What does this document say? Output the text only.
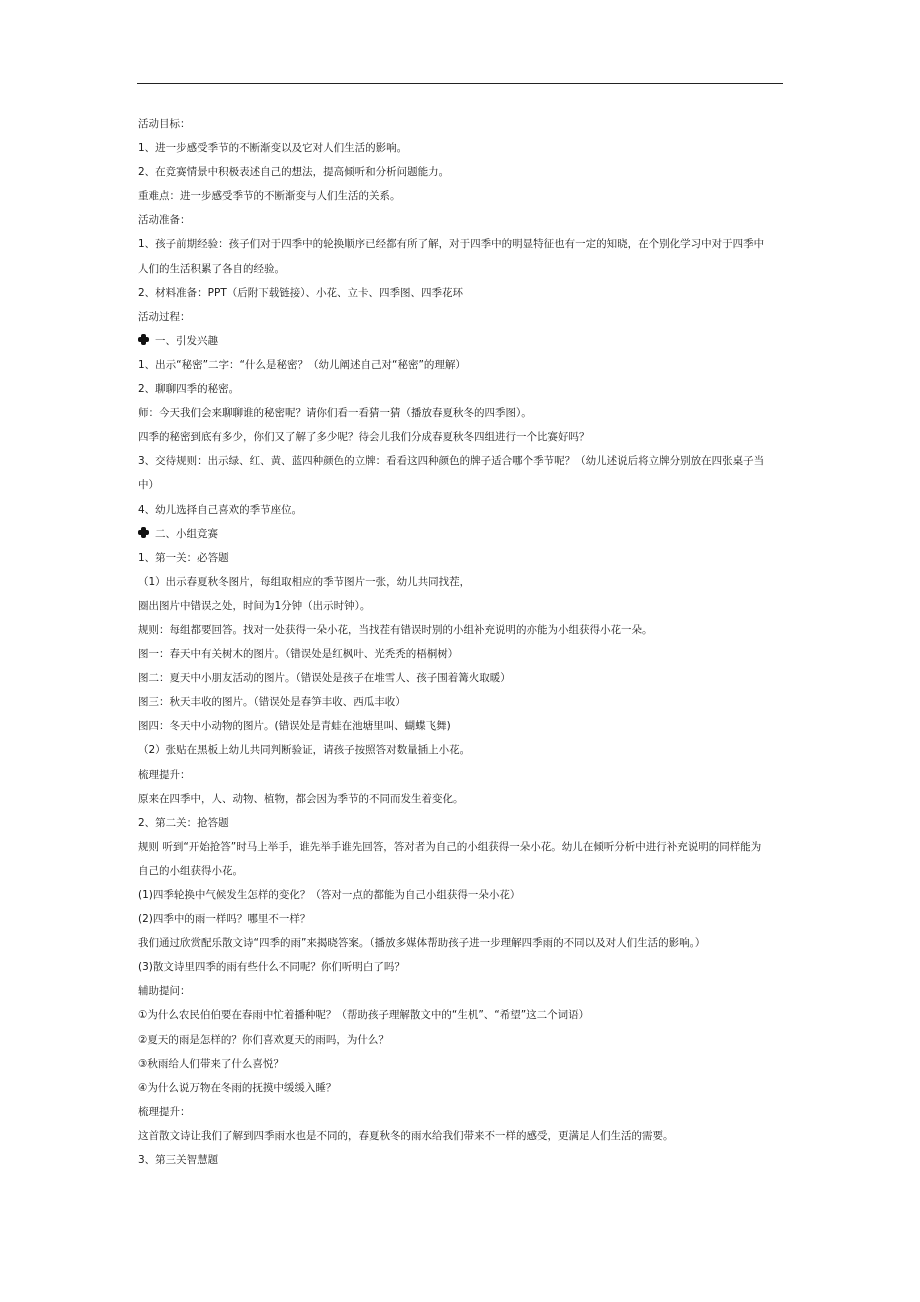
活动目标：
1、进一步感受季节的不断渐变以及它对人们生活的影响。
2、在竞赛情景中积极表述自己的想法，提高倾听和分析问题能力。
重难点：进一步感受季节的不断渐变与人们生活的关系。
活动准备：
1、孩子前期经验：孩子们对于四季中的轮换顺序已经都有所了解，对于四季中的明显特征也有一定的知晓，在个别化学习中对于四季中
人们的生活积累了各自的经验。
2、材料准备：PPT（后附下载链接）、小花、立卡、四季图、四季花环
活动过程：
一、引发兴趣
1、出示“秘密”二字：“什么是秘密？（幼儿阐述自己对“秘密”的理解）
2、聊聊四季的秘密。
师：今天我们会来聊聊谁的秘密呢？请你们看一看猜一猜（播放春夏秋冬的四季图）。
四季的秘密到底有多少，你们又了解了多少呢？待会儿我们分成春夏秋冬四组进行一个比赛好吗？
3、交待规则：出示绿、红、黄、蓝四种颜色的立牌：看看这四种颜色的牌子适合哪个季节呢？（幼儿述说后将立牌分别放在四张桌子当
中）
4、幼儿选择自己喜欢的季节座位。
二、小组竞赛
1、第一关：必答题
（1）出示春夏秋冬图片，每组取相应的季节图片一张，幼儿共同找茬，
圈出图片中错误之处，时间为1分钟（出示时钟）。
规则：每组都要回答。找对一处获得一朵小花，当找茬有错误时别的小组补充说明的亦能为小组获得小花一朵。
图一：春天中有关树木的图片。（错误处是红枫叶、光秃秃的梧桐树）
图二：夏天中小朋友活动的图片。（错误处是孩子在堆雪人、孩子围着篝火取暖）
图三：秋天丰收的图片。（错误处是春笋丰收、西瓜丰收）
图四：冬天中小动物的图片。(错误处是青蛙在池塘里叫、蝴蝶飞舞)
（2）张贴在黑板上幼儿共同判断验证，请孩子按照答对数量插上小花。
梳理提升：
原来在四季中，人、动物、植物，都会因为季节的不同而发生着变化。
2、第二关：抢答题
规则 听到“开始抢答”时马上举手，谁先举手谁先回答，答对者为自己的小组获得一朵小花。幼儿在倾听分析中进行补充说明的同样能为
自己的小组获得小花。
(1)四季轮换中气候发生怎样的变化？（答对一点的都能为自己小组获得一朵小花）
(2)四季中的雨一样吗？哪里不一样？
我们通过欣赏配乐散文诗“四季的雨”来揭晓答案。（播放多媒体帮助孩子进一步理解四季雨的不同以及对人们生活的影响。）
(3)散文诗里四季的雨有些什么不同呢？你们听明白了吗？
辅助提问：
①为什么农民伯伯要在春雨中忙着播种呢？（帮助孩子理解散文中的“生机”、“希望”这二个词语）
②夏天的雨是怎样的？你们喜欢夏天的雨吗，为什么？
③秋雨给人们带来了什么喜悦？
④为什么说万物在冬雨的抚摸中缓缓入睡？
梳理提升：
这首散文诗让我们了解到四季雨水也是不同的，春夏秋冬的雨水给我们带来不一样的感受，更满足人们生活的需要。
3、第三关智慧题
